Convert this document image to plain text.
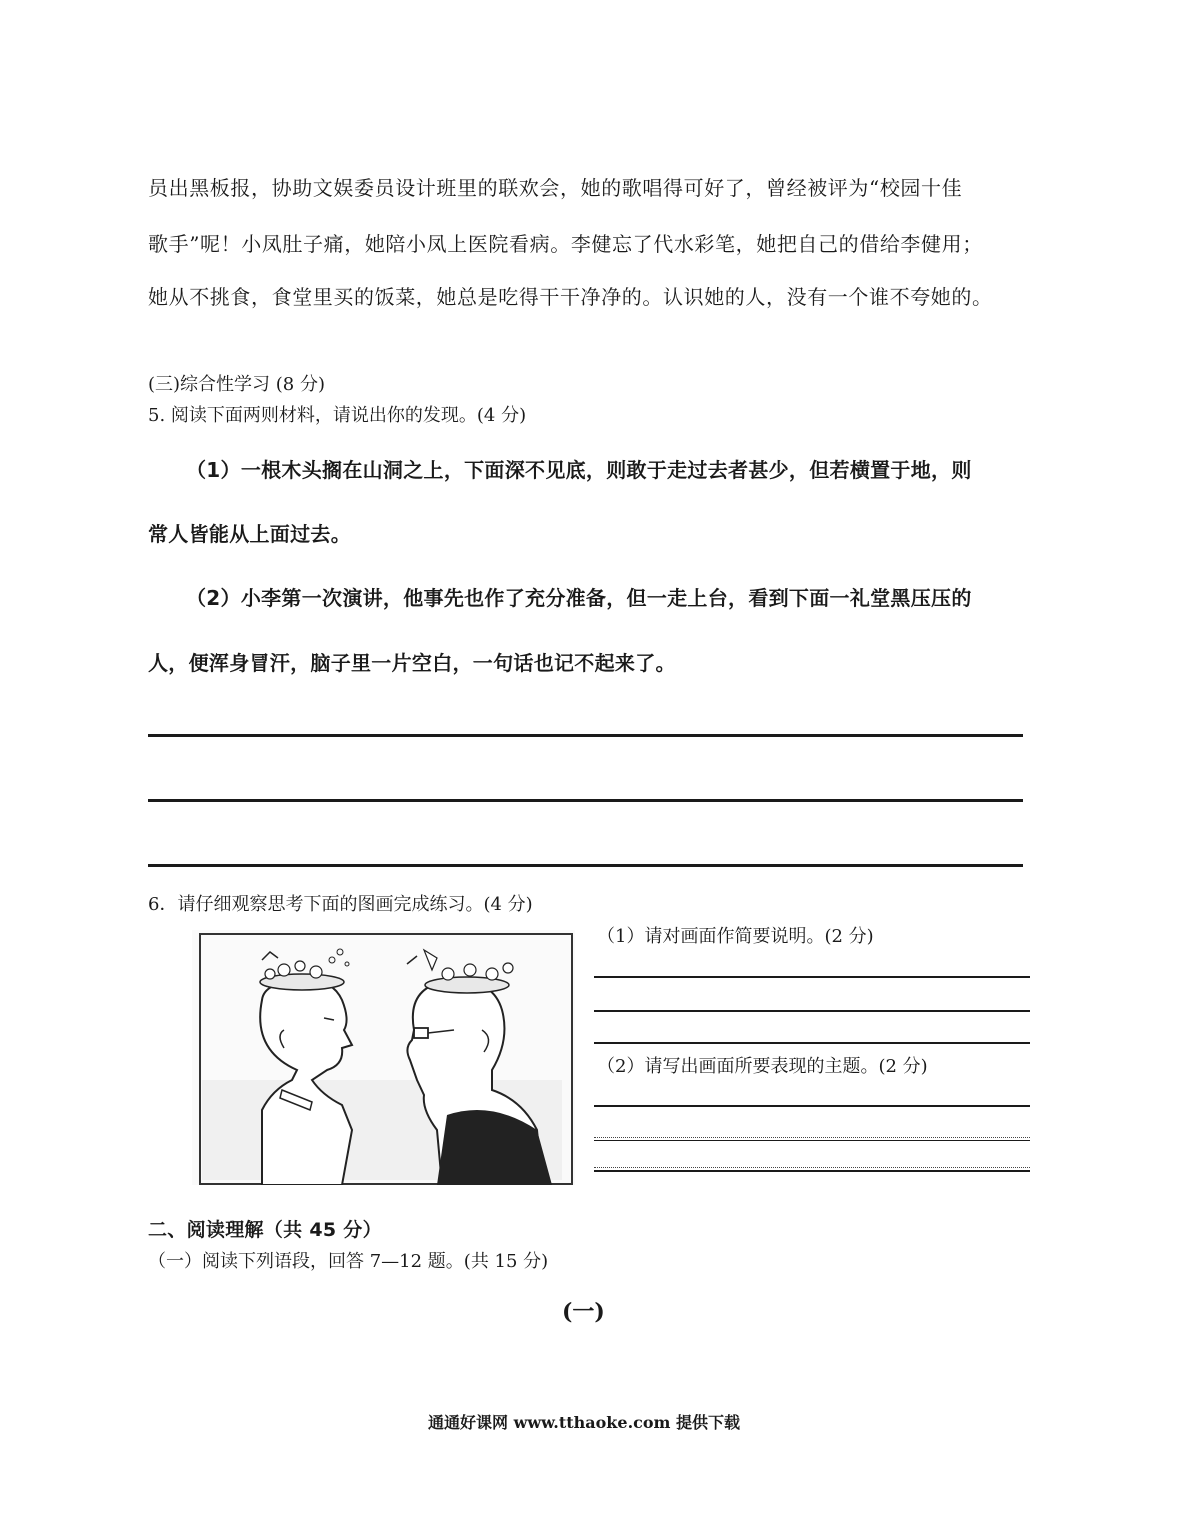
员出黑板报，协助文娱委员设计班里的联欢会，她的歌唱得可好了，曾经被评为“校园十佳
歌手”呢！小凤肚子痛，她陪小凤上医院看病。李健忘了代水彩笔，她把自己的借给李健用；
她从不挑食，食堂里买的饭菜，她总是吃得干干净净的。认识她的人，没有一个谁不夸她的。
(三)综合性学习 (8 分)
5. 阅读下面两则材料，请说出你的发现。(4 分)
（1）一根木头搁在山洞之上，下面深不见底，则敢于走过去者甚少，但若横置于地，则
常人皆能从上面过去。
（2）小李第一次演讲，他事先也作了充分准备，但一走上台，看到下面一礼堂黑压压的
人，便浑身冒汗，脑子里一片空白，一句话也记不起来了。
6．请仔细观察思考下面的图画完成练习。(4 分)
（1）请对画面作简要说明。(2 分)
（2）请写出画面所要表现的主题。(2 分)
二、阅读理解（共 45 分）
（一）阅读下列语段，回答 7—12 题。(共 15 分)
(一)
通通好课网 www.tthaoke.com 提供下载
